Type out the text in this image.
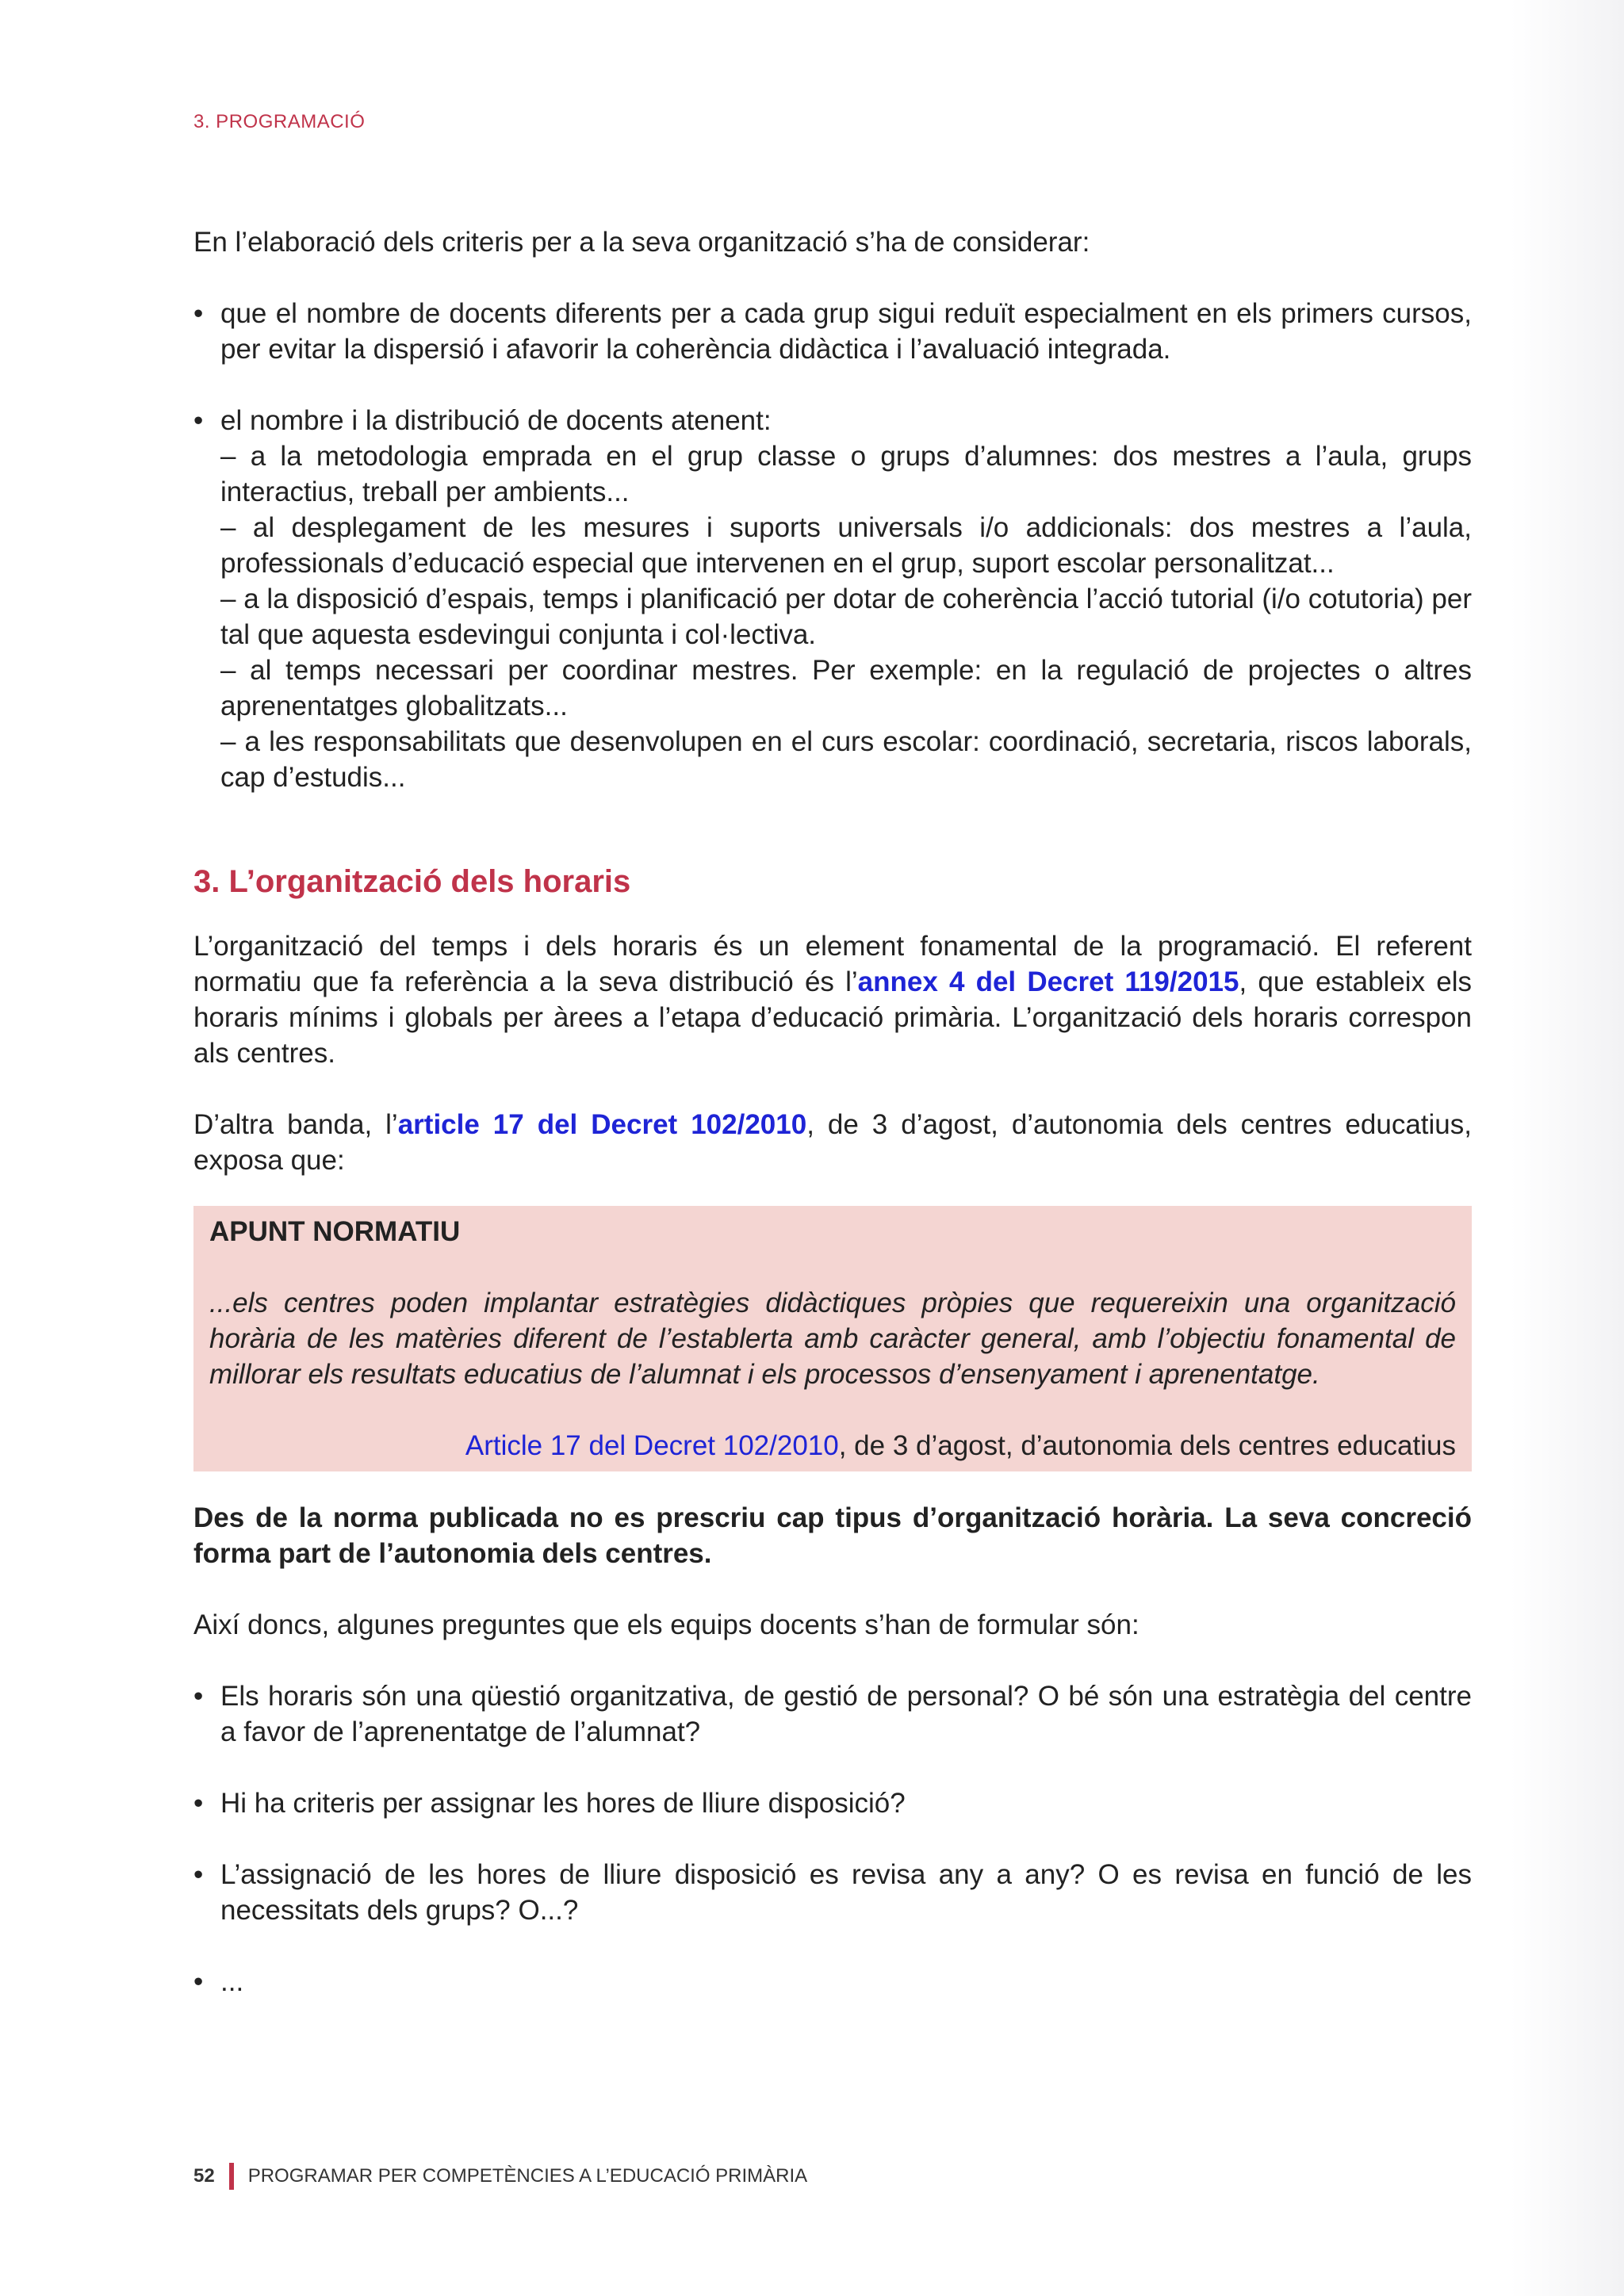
3. PROGRAMACIÓ

En l’elaboració dels criteris per a la seva organització s’ha de considerar:

• que el nombre de docents diferents per a cada grup sigui reduït especialment en els primers cursos, per evitar la dispersió i afavorir la coherència didàctica i l’avaluació integrada.
• el nombre i la distribució de docents atenent:

– a la metodologia emprada en el grup classe o grups d’alumnes: dos mestres a l’aula, grups interactius, treball per ambients...

– al desplegament de les mesures i suports universals i/o addicionals: dos mestres a l’aula, professionals d’educació especial que intervenen en el grup, suport escolar personalitzat...

– a la disposició d’espais, temps i planificació per dotar de coherència l’acció tutorial (i/o cotutoria) per tal que aquesta esdevingui conjunta i col·lectiva.

– al temps necessari per coordinar mestres. Per exemple: en la regulació de projectes o altres aprenentatges globalitzats...

– a les responsabilitats que desenvolupen en el curs escolar: coordinació, secretaria, riscos laborals, cap d’estudis...

3. L’organització dels horaris

L’organització del temps i dels horaris és un element fonamental de la programació. El referent normatiu que fa referència a la seva distribució és l’annex 4 del Decret 119/2015, que estableix els horaris mínims i globals per àrees a l’etapa d’educació primària. L’organització dels horaris correspon als centres.

D’altra banda, l’article 17 del Decret 102/2010, de 3 d’agost, d’autonomia dels centres educatius, exposa que:

APUNT NORMATIU

...els centres poden implantar estratègies didàctiques pròpies que requereixin una organització horària de les matèries diferent de l’establerta amb caràcter general, amb l’objectiu fonamental de millorar els resultats educatius de l’alumnat i els processos d’ensenyament i aprenentatge.

Article 17 del Decret 102/2010, de 3 d’agost, d’autonomia dels centres educatius

Des de la norma publicada no es prescriu cap tipus d’organització horària. La seva concreció forma part de l’autonomia dels centres.

Així doncs, algunes preguntes que els equips docents s’han de formular són:

• Els horaris són una qüestió organitzativa, de gestió de personal? O bé són una estratègia del centre a favor de l’aprenentatge de l’alumnat?
• Hi ha criteris per assignar les hores de lliure disposició?
• L’assignació de les hores de lliure disposició es revisa any a any? O es revisa en funció de les necessitats dels grups? O...?
• ...
52 PROGRAMAR PER COMPETÈNCIES A L’EDUCACIÓ PRIMÀRIA
